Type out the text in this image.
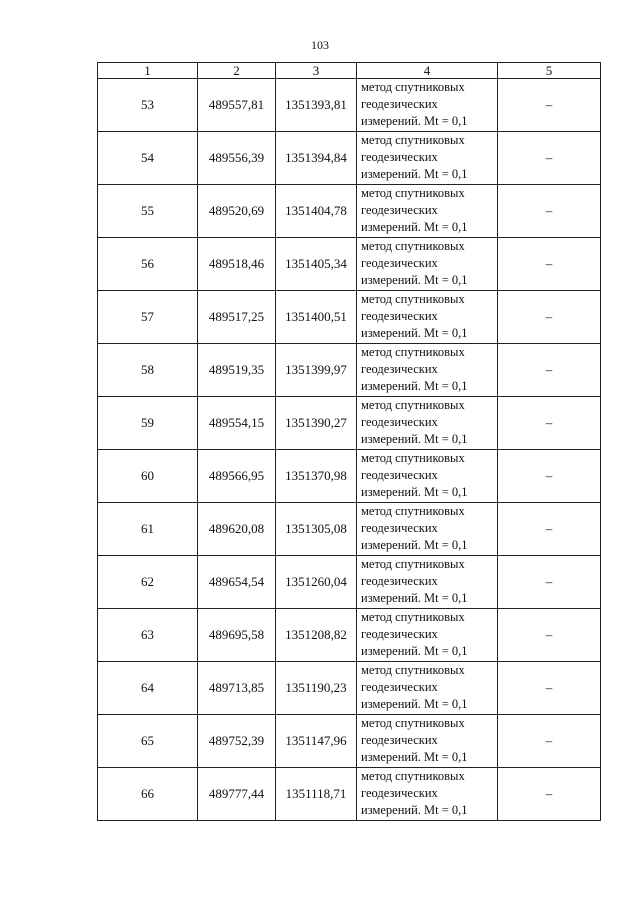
103
1	2	3	4	5
53	489557,81	1351393,81	метод спутниковых
геодезических
измерений. Mt = 0,1	–
54	489556,39	1351394,84	метод спутниковых
геодезических
измерений. Mt = 0,1	–
55	489520,69	1351404,78	метод спутниковых
геодезических
измерений. Mt = 0,1	–
56	489518,46	1351405,34	метод спутниковых
геодезических
измерений. Mt = 0,1	–
57	489517,25	1351400,51	метод спутниковых
геодезических
измерений. Mt = 0,1	–
58	489519,35	1351399,97	метод спутниковых
геодезических
измерений. Mt = 0,1	–
59	489554,15	1351390,27	метод спутниковых
геодезических
измерений. Mt = 0,1	–
60	489566,95	1351370,98	метод спутниковых
геодезических
измерений. Mt = 0,1	–
61	489620,08	1351305,08	метод спутниковых
геодезических
измерений. Mt = 0,1	–
62	489654,54	1351260,04	метод спутниковых
геодезических
измерений. Mt = 0,1	–
63	489695,58	1351208,82	метод спутниковых
геодезических
измерений. Mt = 0,1	–
64	489713,85	1351190,23	метод спутниковых
геодезических
измерений. Mt = 0,1	–
65	489752,39	1351147,96	метод спутниковых
геодезических
измерений. Mt = 0,1	–
66	489777,44	1351118,71	метод спутниковых
геодезических
измерений. Mt = 0,1	–
